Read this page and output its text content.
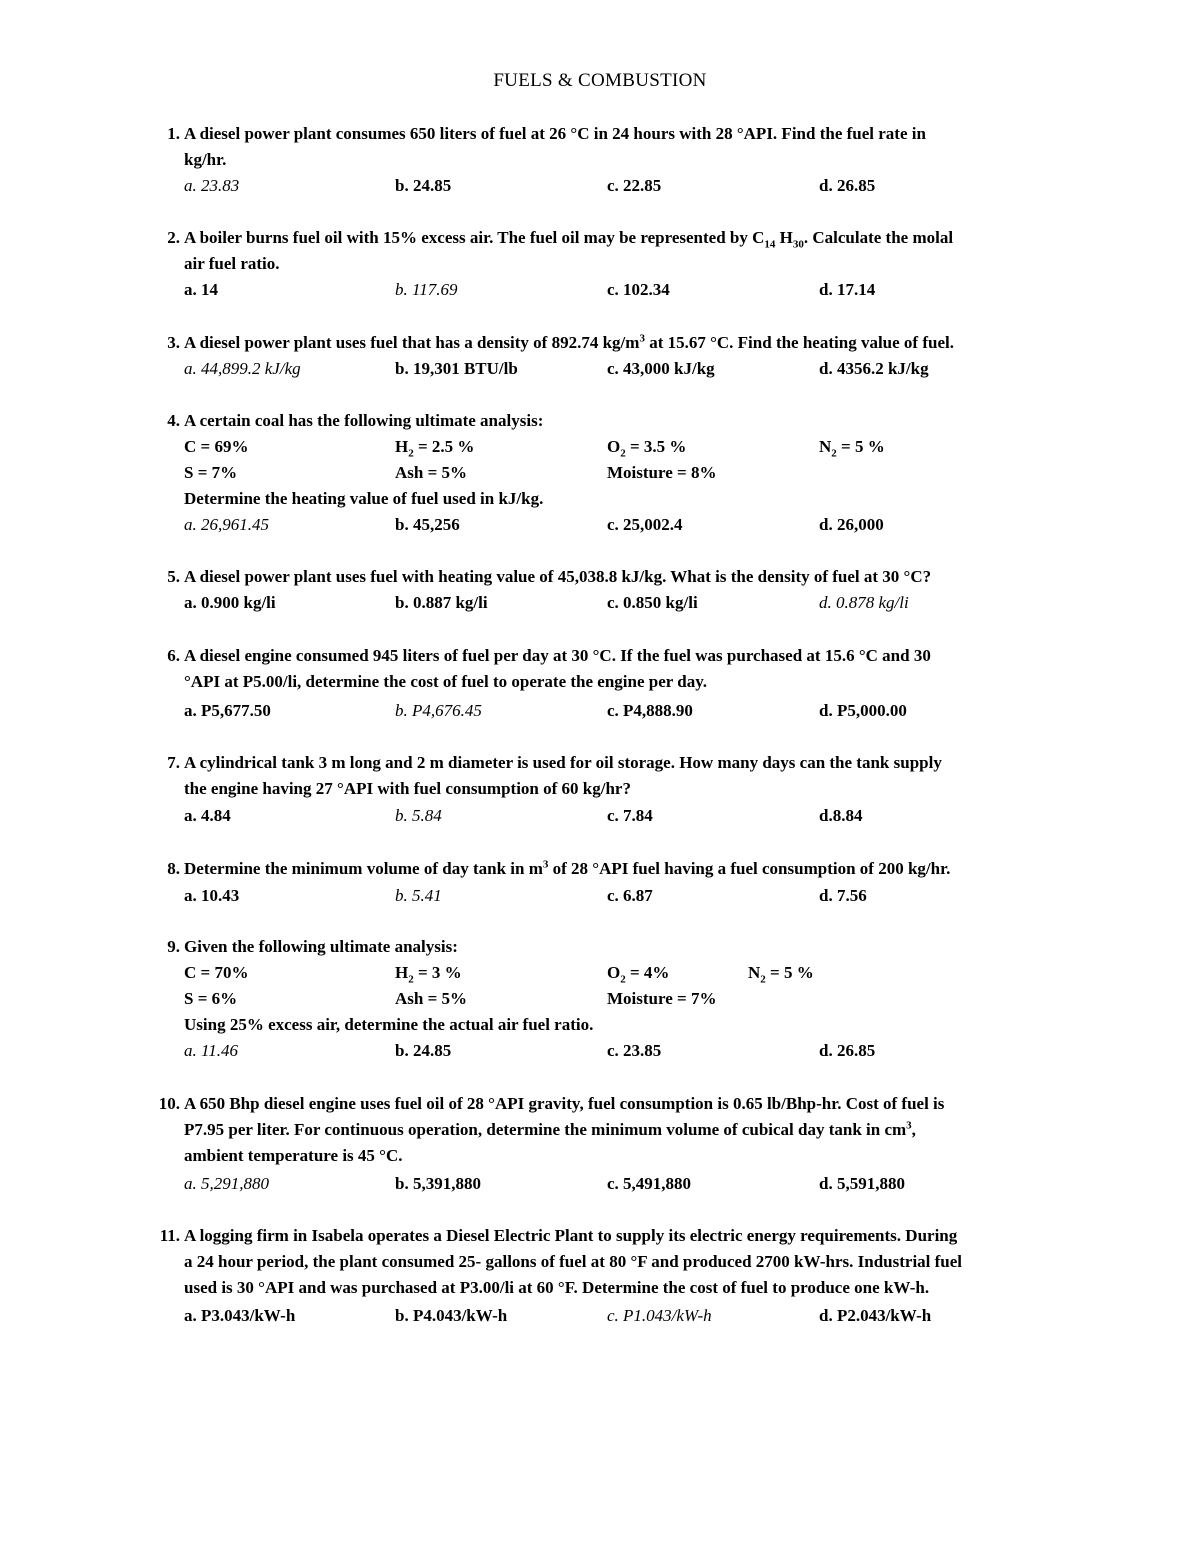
FUELS & COMBUSTION
1. A diesel power plant consumes 650 liters of fuel at 26 °C in 24 hours with 28 °API. Find the fuel rate in
kg/hr.
a. 23.83	b. 24.85	c. 22.85	d. 26.85
2. A boiler burns fuel oil with 15% excess air. The fuel oil may be represented by $C_{14}$ $H_{30}$. Calculate the molal
air fuel ratio.
a. 14	b. 117.69	c. 102.34	d. 17.14
3. A diesel power plant uses fuel that has a density of 892.74 $kg/m^3$ at 15.67 °C. Find the heating value of fuel.
a. 44,899.2 kJ/kg	b. 19,301 BTU/lb	c. 43,000 kJ/kg	d. 4356.2 kJ/kg
4. A certain coal has the following ultimate analysis:
C = 69%	$H_2 = 2.5$ %	$O_2 = 3.5$ %	$N_2 = 5$ %
S = 7%	Ash = 5%	Moisture = 8%
Determine the heating value of fuel used in kJ/kg.
a. 26,961.45	b. 45,256	c. 25,002.4	d. 26,000
5. A diesel power plant uses fuel with heating value of 45,038.8 kJ/kg. What is the density of fuel at 30 °C?
a. 0.900 kg/li	b. 0.887 kg/li	c. 0.850 kg/li	d. 0.878 kg/li
6. A diesel engine consumed 945 liters of fuel per day at 30 °C. If the fuel was purchased at 15.6 °C and 30
°API at P5.00/li, determine the cost of fuel to operate the engine per day.
a. P5,677.50	b. P4,676.45	c. P4,888.90	d. P5,000.00
7. A cylindrical tank 3 m long and 2 m diameter is used for oil storage. How many days can the tank supply
the engine having 27 °API with fuel consumption of 60 kg/hr?
a. 4.84	b. 5.84	c. 7.84	d.8.84
8. Determine the minimum volume of day tank in $m^3$ of 28 °API fuel having a fuel consumption of 200 kg/hr.
a. 10.43	b. 5.41	c. 6.87	d. 7.56
9. Given the following ultimate analysis:
C = 70%	$H_2 = 3$ %	$O_2 = 4\%$	$N_2 = 5$ %
S = 6%	Ash = 5%	Moisture = 7%
Using 25% excess air, determine the actual air fuel ratio.
a. 11.46	b. 24.85	c. 23.85	d. 26.85
10. A 650 Bhp diesel engine uses fuel oil of 28 °API gravity, fuel consumption is 0.65 lb/Bhp-hr. Cost of fuel is
P7.95 per liter. For continuous operation, determine the minimum volume of cubical day tank in $cm^3$,
ambient temperature is 45 °C.
a. 5,291,880	b. 5,391,880	c. 5,491,880	d. 5,591,880
11. A logging firm in Isabela operates a Diesel Electric Plant to supply its electric energy requirements. During
a 24 hour period, the plant consumed 25- gallons of fuel at 80 °F and produced 2700 kW-hrs. Industrial fuel
used is 30 °API and was purchased at P3.00/li at 60 °F. Determine the cost of fuel to produce one kW-h.
a. P3.043/kW-h	b. P4.043/kW-h	c. P1.043/kW-h	d. P2.043/kW-h
